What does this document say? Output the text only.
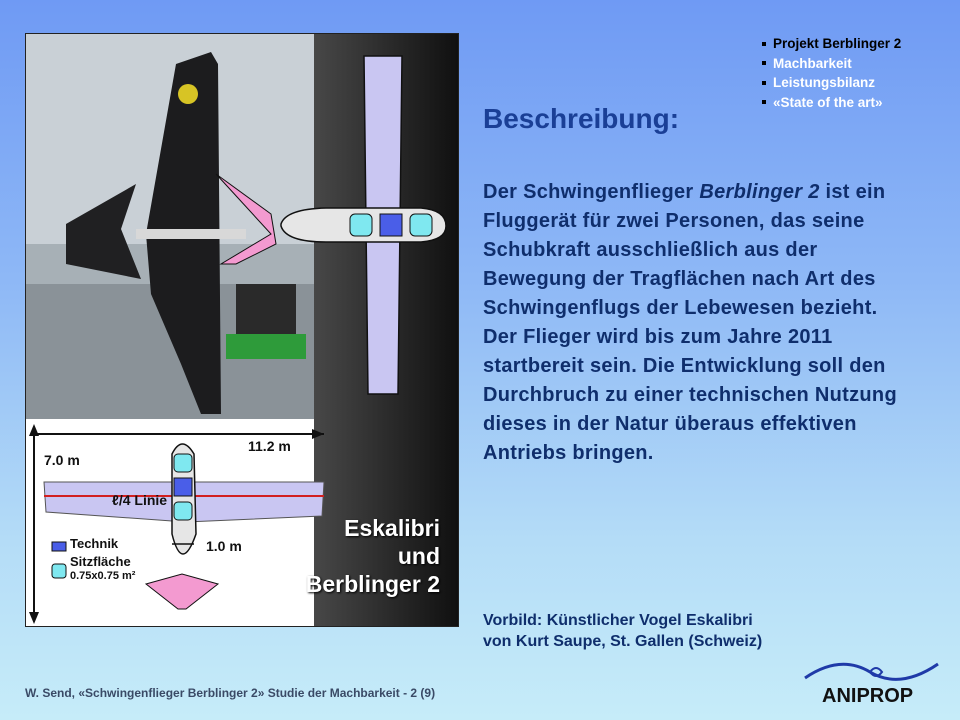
7.0 m
11.2 m
ℓ/4 Linie
1.0 m
Technik
Sitzfläche
0.75x0.75 m²
Eskalibri
und
Berblinger 2
Projekt Berblinger 2
Machbarkeit
Leistungsbilanz
«State of the art»
Beschreibung:

Der Schwingenflieger Berblinger 2 ist ein Fluggerät für zwei Personen, das seine Schubkraft ausschließlich aus der Bewegung der Tragflächen nach Art des Schwingenflugs der Lebewesen bezieht.

Der Flieger wird bis zum Jahre 2011 startbereit sein. Die Entwicklung soll den Durchbruch zu einer technischen Nutzung dieses in der Natur überaus effektiven Antriebs bringen.

Vorbild: Künstlicher Vogel Eskalibri
von Kurt Saupe, St. Gallen (Schweiz)
W. Send, «Schwingenflieger Berblinger 2» Studie der Machbarkeit - 2 (9)	ANIPROP
